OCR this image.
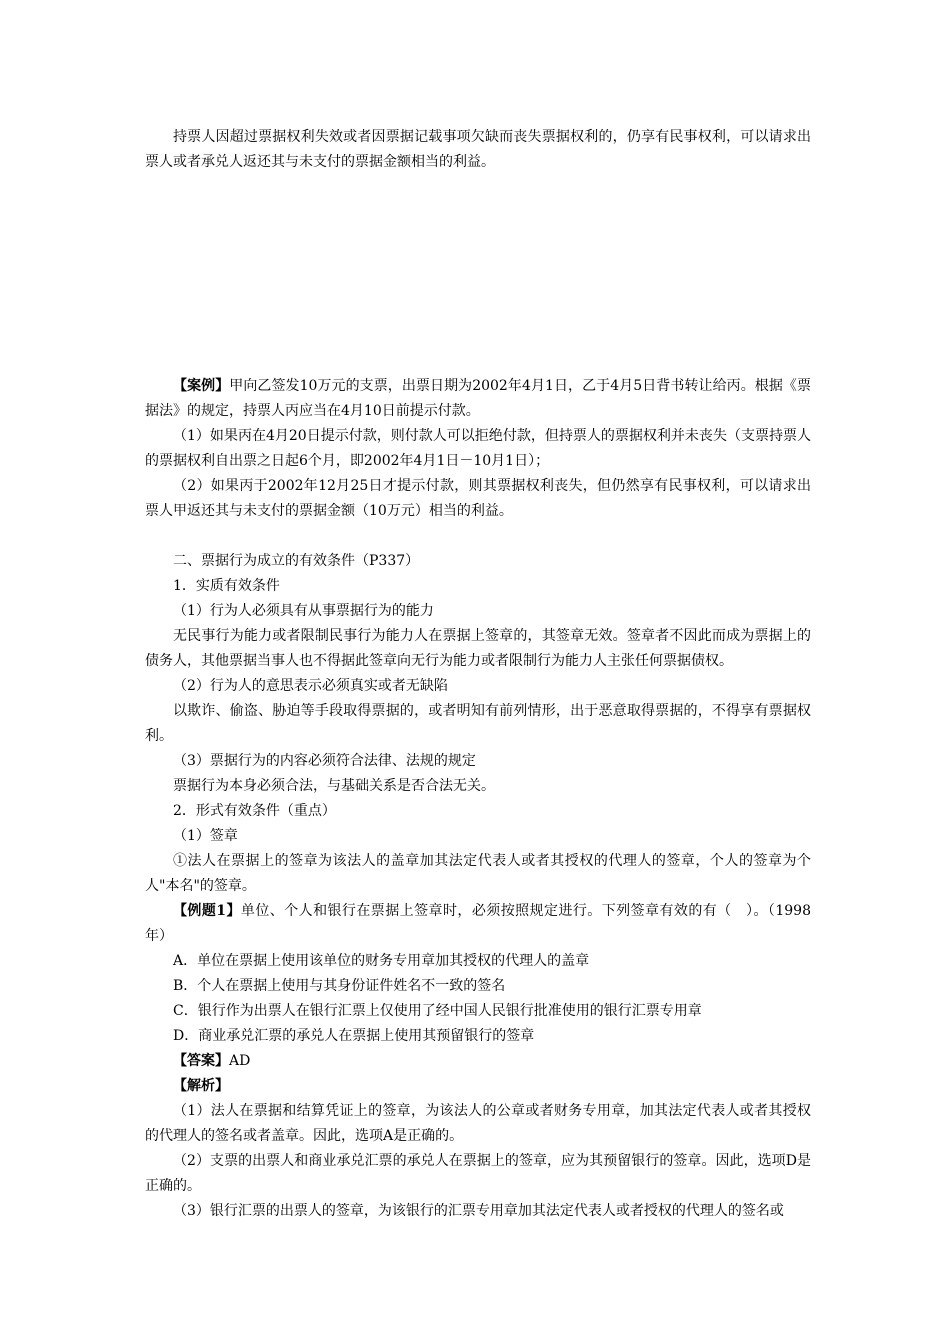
持票人因超过票据权利失效或者因票据记载事项欠缺而丧失票据权利的，仍享有民事权利，可以请求出票人或者承兑人返还其与未支付的票据金额相当的利益。

【案例】甲向乙签发10万元的支票，出票日期为2002年4月1日，乙于4月5日背书转让给丙。根据《票据法》的规定，持票人丙应当在4月10日前提示付款。

（1）如果丙在4月20日提示付款，则付款人可以拒绝付款，但持票人的票据权利并未丧失（支票持票人的票据权利自出票之日起6个月，即2002年4月1日－10月1日）；

（2）如果丙于2002年12月25日才提示付款，则其票据权利丧失，但仍然享有民事权利，可以请求出票人甲返还其与未支付的票据金额（10万元）相当的利益。

二、票据行为成立的有效条件（P337）

1．实质有效条件

（1）行为人必须具有从事票据行为的能力

无民事行为能力或者限制民事行为能力人在票据上签章的，其签章无效。签章者不因此而成为票据上的债务人，其他票据当事人也不得据此签章向无行为能力或者限制行为能力人主张任何票据债权。

（2）行为人的意思表示必须真实或者无缺陷

以欺诈、偷盗、胁迫等手段取得票据的，或者明知有前列情形，出于恶意取得票据的，不得享有票据权利。

（3）票据行为的内容必须符合法律、法规的规定

票据行为本身必须合法，与基础关系是否合法无关。

2．形式有效条件（重点）

（1）签章

①法人在票据上的签章为该法人的盖章加其法定代表人或者其授权的代理人的签章，个人的签章为个人"本名"的签章。

【例题1】单位、个人和银行在票据上签章时，必须按照规定进行。下列签章有效的有（　）。（1998年）

A．单位在票据上使用该单位的财务专用章加其授权的代理人的盖章

B．个人在票据上使用与其身份证件姓名不一致的签名

C．银行作为出票人在银行汇票上仅使用了经中国人民银行批准使用的银行汇票专用章

D．商业承兑汇票的承兑人在票据上使用其预留银行的签章

【答案】AD

【解析】

（1）法人在票据和结算凭证上的签章，为该法人的公章或者财务专用章，加其法定代表人或者其授权的代理人的签名或者盖章。因此，选项A是正确的。

（2）支票的出票人和商业承兑汇票的承兑人在票据上的签章，应为其预留银行的签章。因此，选项D是正确的。

（3）银行汇票的出票人的签章，为该银行的汇票专用章加其法定代表人或者授权的代理人的签名或
